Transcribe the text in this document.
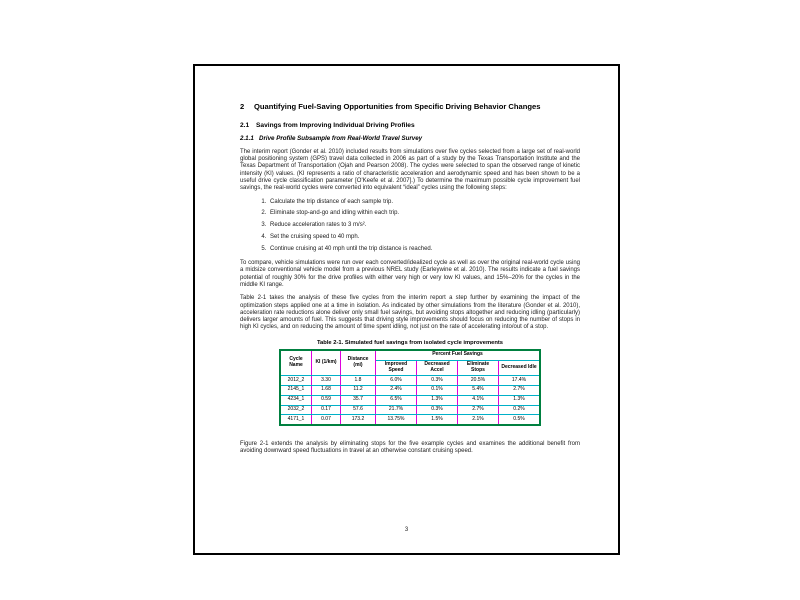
2	Quantifying Fuel-Saving Opportunities from Specific Driving Behavior Changes
2.1	Savings from Improving Individual Driving Profiles
2.1.1 Drive Profile Subsample from Real-World Travel Survey

The interim report (Gonder et al. 2010) included results from simulations over five cycles selected from a large set of real-world global positioning system (GPS) travel data collected in 2006 as part of a study by the Texas Transportation Institute and the Texas Department of Transportation (Ojah and Pearson 2008). The cycles were selected to span the observed range of kinetic intensity (KI) values. (KI represents a ratio of characteristic acceleration and aerodynamic speed and has been shown to be a useful drive cycle classification parameter [O'Keefe et al. 2007].) To determine the maximum possible cycle improvement fuel savings, the real-world cycles were converted into equivalent “ideal” cycles using the following steps:

1. Calculate the trip distance of each sample trip.
2. Eliminate stop-and-go and idling within each trip.
3. Reduce acceleration rates to 3 m/s².
4. Set the cruising speed to 40 mph.
5. Continue cruising at 40 mph until the trip distance is reached.

To compare, vehicle simulations were run over each converted/idealized cycle as well as over the original real-world cycle using a midsize conventional vehicle model from a previous NREL study (Earleywine et al. 2010). The results indicate a fuel savings potential of roughly 30% for the drive profiles with either very high or very low KI values, and 15%–20% for the cycles in the middle KI range.

Table 2-1 takes the analysis of these five cycles from the interim report a step further by examining the impact of the optimization steps applied one at a time in isolation. As indicated by other simulations from the literature (Gonder et al. 2010), acceleration rate reductions alone deliver only small fuel savings, but avoiding stops altogether and reducing idling (particularly) delivers larger amounts of fuel. This suggests that driving style improvements should focus on reducing the number of stops in high KI cycles, and on reducing the amount of time spent idling, not just on the rate of accelerating into/out of a stop.

Table 2-1. Simulated fuel savings from isolated cycle improvements
Cycle Name	KI (1/km)	Distance (mi)	Percent Fuel Savings			
			Improved Speed	Decreased Accel	Eliminate Stops	Decreased Idle
2012_2	3.30	1.8	6.0%	0.3%	20.5%	17.4%
2145_1	1.68	11.2	2.4%	0.1%	5.4%	2.7%
4234_1	0.59	35.7	6.5%	1.3%	4.1%	1.3%
2032_2	0.17	57.6	21.7%	0.3%	2.7%	0.2%
4171_1	0.07	173.2	13.75%	1.5%	2.1%	0.5%

Figure 2-1 extends the analysis by eliminating stops for the five example cycles and examines the additional benefit from avoiding downward speed fluctuations in travel at an otherwise constant cruising speed.

3
